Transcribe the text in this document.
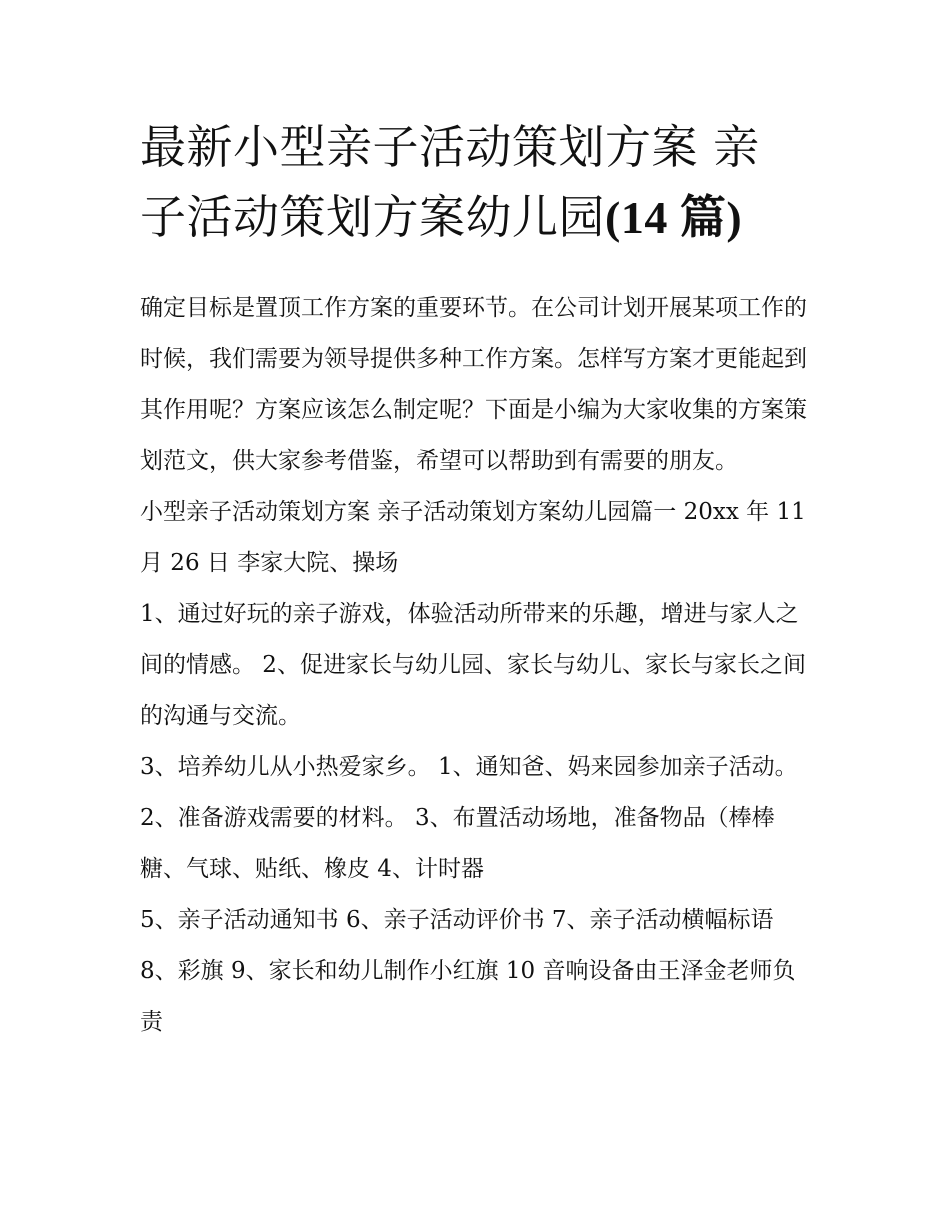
最新小型亲子活动策划方案 亲
子活动策划方案幼儿园(14 篇)

确定目标是置顶工作方案的重要环节。在公司计划开展某项工作的时候，我们需要为领导提供多种工作方案。怎样写方案才更能起到其作用呢？方案应该怎么制定呢？下面是小编为大家收集的方案策划范文，供大家参考借鉴，希望可以帮助到有需要的朋友。

小型亲子活动策划方案 亲子活动策划方案幼儿园篇一 20xx 年 11 月 26 日 李家大院、操场

1、通过好玩的亲子游戏，体验活动所带来的乐趣，增进与家人之间的情感。 2、促进家长与幼儿园、家长与幼儿、家长与家长之间的沟通与交流。

3、培养幼儿从小热爱家乡。 1、通知爸、妈来园参加亲子活动。 2、准备游戏需要的材料。 3、布置活动场地，准备物品（棒棒糖、气球、贴纸、橡皮 4、计时器

5、亲子活动通知书 6、亲子活动评价书 7、亲子活动横幅标语 8、彩旗 9、家长和幼儿制作小红旗 10 音响设备由王泽金老师负责
